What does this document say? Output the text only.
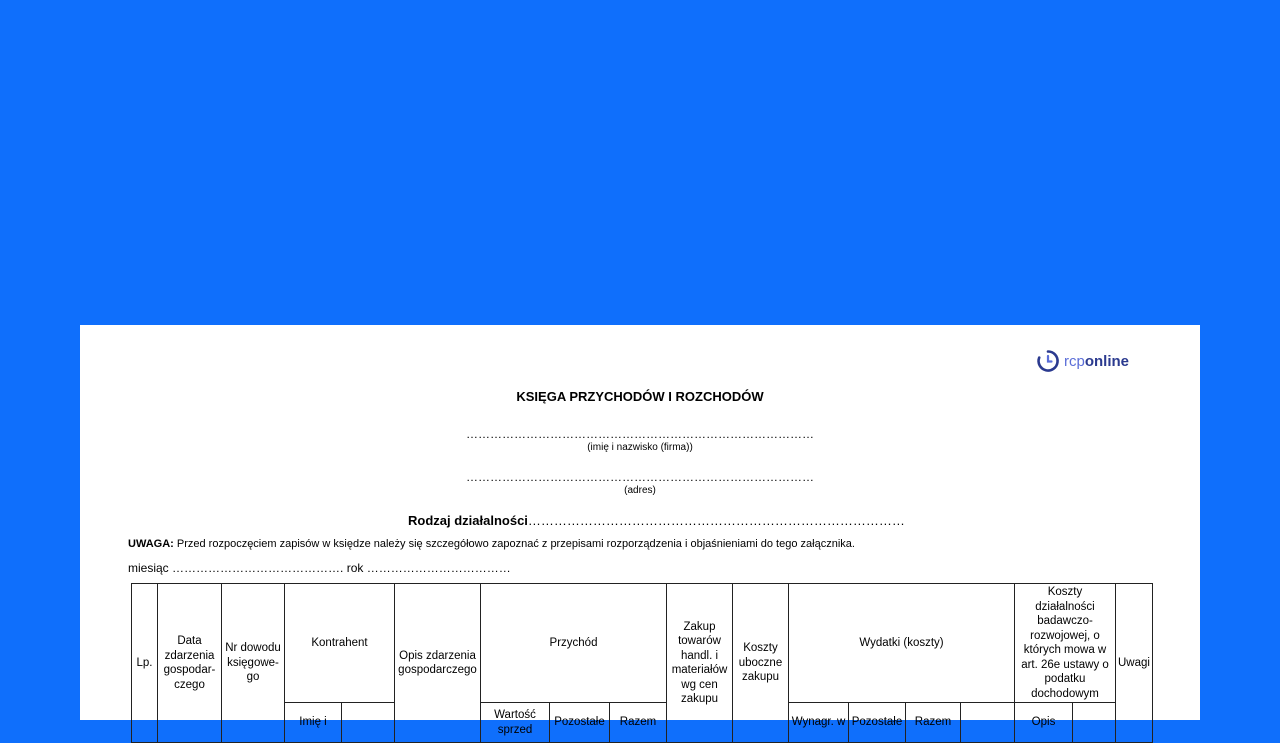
rcponline
KSIĘGA PRZYCHODÓW I ROZCHODÓW
……………………………………………………………………………
(imię i nazwisko (firma))
……………………………………………………………………………
(adres)
Rodzaj działalności……………………………………………………………………………
UWAGA: Przed rozpoczęciem zapisów w księdze należy się szczegółowo zapoznać z przepisami rozporządzenia i objaśnieniami do tego załącznika.
miesiąc ……………………………………. rok ………………………………
Lp.	Data zdarzenia gospodar-czego	Nr dowodu księgowe-go	Kontrahent		Opis zdarzenia gospodarczego	Przychód			Zakup towarów handl. i materiałów wg cen zakupu	Koszty uboczne zakupu	Wydatki (koszty)				Koszty działalności badawczo-rozwojowej, o których mowa w art. 26e ustawy o podatku dochodowym		Uwagi
			Imię i			Wartość sprzed	Pozostałe	Razem			Wynagr. w	Pozostałe	Razem		Opis		
